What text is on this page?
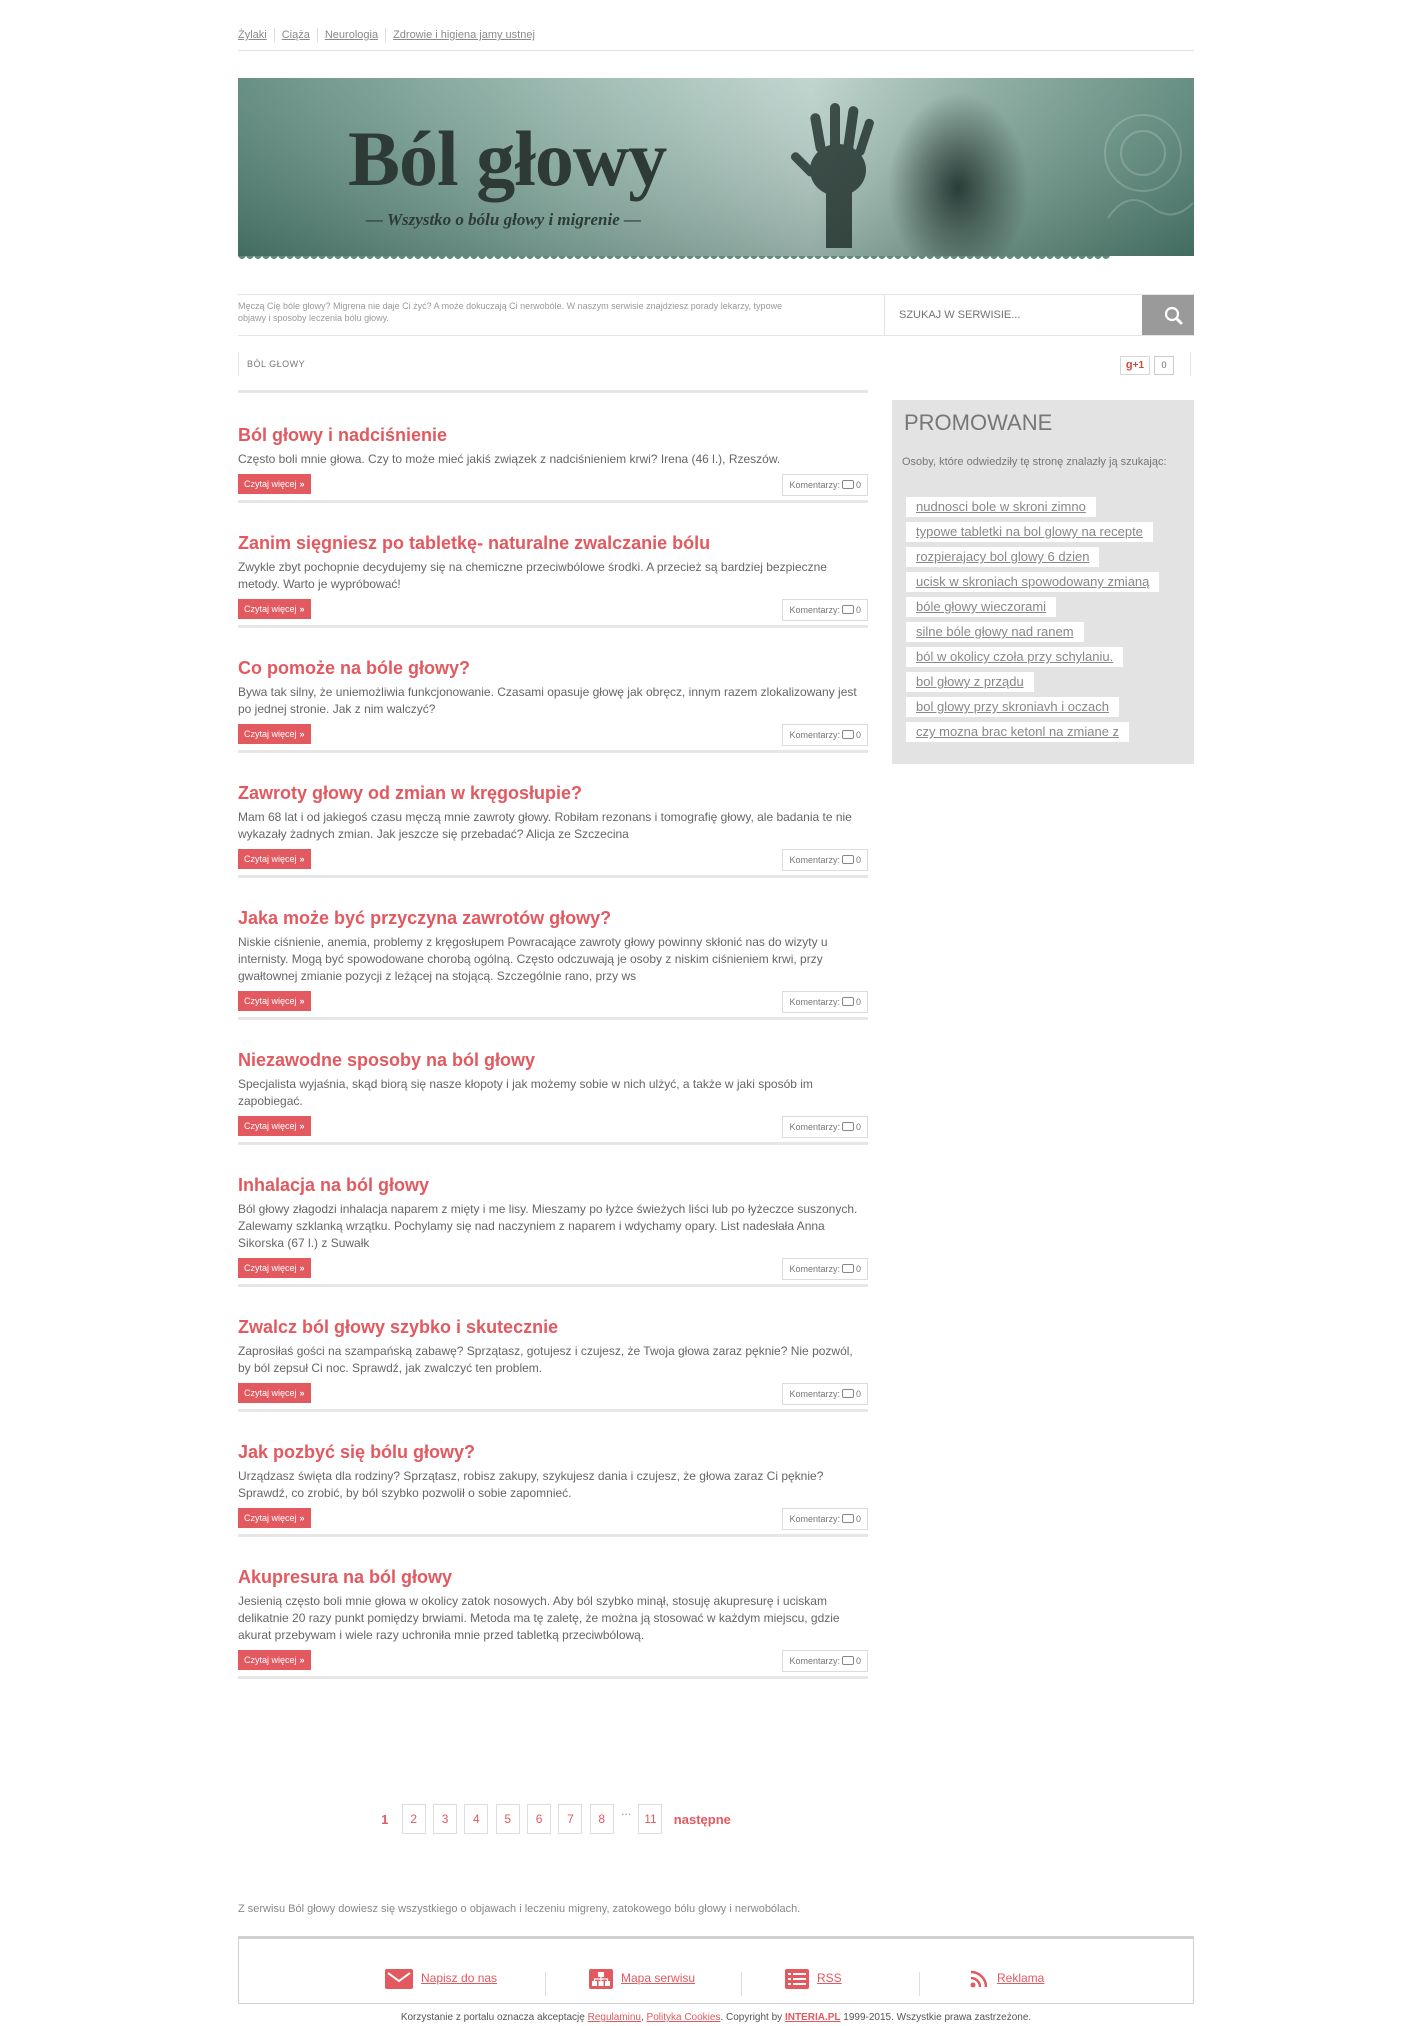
Żylaki	Ciąża	Neurologia	Zdrowie i higiena jamy ustnej
Ból głowy
— Wszystko o bólu głowy i migrenie —
Męczą Cię bóle głowy? Migrena nie daje Ci żyć? A może dokuczają Ci nerwobóle. W naszym serwisie znajdziesz porady lekarzy, typowe objawy i sposoby leczenia bólu głowy.
SZUKAJ W SERWISIE...
BÓL GŁOWY	g+1	0
Ból głowy i nadciśnienie

Często boli mnie głowa. Czy to może mieć jakiś związek z nadciśnieniem krwi? Irena (46 l.), Rzeszów.

Czytaj więcej »	Komentarzy: 0
Zanim sięgniesz po tabletkę- naturalne zwalczanie bólu

Zwykle zbyt pochopnie decydujemy się na chemiczne przeciwbólowe środki. A przecież są bardziej bezpieczne metody. Warto je wypróbować!

Czytaj więcej »	Komentarzy: 0
Co pomoże na bóle głowy?

Bywa tak silny, że uniemożliwia funkcjonowanie. Czasami opasuje głowę jak obręcz, innym razem zlokalizowany jest po jednej stronie. Jak z nim walczyć?

Czytaj więcej »	Komentarzy: 0
Zawroty głowy od zmian w kręgosłupie?

Mam 68 lat i od jakiegoś czasu męczą mnie zawroty głowy. Robiłam rezonans i tomografię głowy, ale badania te nie wykazały żadnych zmian. Jak jeszcze się przebadać? Alicja ze Szczecina

Czytaj więcej »	Komentarzy: 0
Jaka może być przyczyna zawrotów głowy?

Niskie ciśnienie, anemia, problemy z kręgosłupem Powracające zawroty głowy powinny skłonić nas do wizyty u internisty. Mogą być spowodowane chorobą ogólną. Często odczuwają je osoby z niskim ciśnieniem krwi, przy gwałtownej zmianie pozycji z leżącej na stojącą. Szczególnie rano, przy ws

Czytaj więcej »	Komentarzy: 0
Niezawodne sposoby na ból głowy

Specjalista wyjaśnia, skąd biorą się nasze kłopoty i jak możemy sobie w nich ulżyć, a także w jaki sposób im zapobiegać.

Czytaj więcej »	Komentarzy: 0
Inhalacja na ból głowy

Ból głowy złagodzi inhalacja naparem z mięty i me lisy. Mieszamy po łyżce świeżych liści lub po łyżeczce suszonych. Zalewamy szklanką wrzątku. Pochylamy się nad naczyniem z naparem i wdychamy opary. List nadesłała Anna Sikorska (67 l.) z Suwałk

Czytaj więcej »	Komentarzy: 0
Zwalcz ból głowy szybko i skutecznie

Zaprosiłaś gości na szampańską zabawę? Sprzątasz, gotujesz i czujesz, że Twoja głowa zaraz pęknie? Nie pozwól, by ból zepsuł Ci noc. Sprawdź, jak zwalczyć ten problem.

Czytaj więcej »	Komentarzy: 0
Jak pozbyć się bólu głowy?

Urządzasz święta dla rodziny? Sprzątasz, robisz zakupy, szykujesz dania i czujesz, że głowa zaraz Ci pęknie? Sprawdź, co zrobić, by ból szybko pozwolił o sobie zapomnieć.

Czytaj więcej »	Komentarzy: 0
Akupresura na ból głowy

Jesienią często boli mnie głowa w okolicy zatok nosowych. Aby ból szybko minął, stosuję akupresurę i uciskam delikatnie 20 razy punkt pomiędzy brwiami. Metoda ma tę zaletę, że można ją stosować w każdym miejscu, gdzie akurat przebywam i wiele razy uchroniła mnie przed tabletką przeciwbólową.

Czytaj więcej »	Komentarzy: 0
1 2 3 4 5 6 7 8 ... 11 następne
PROMOWANE
Osoby, które odwiedziły tę stronę znalazły ją szukając:
nudnosci bole w skroni zimno
typowe tabletki na bol glowy na recepte
rozpierajacy bol glowy 6 dzien
ucisk w skroniach spowodowany zmianą
bóle głowy wieczorami
silne bóle głowy nad ranem
ból w okolicy czoła przy schylaniu.
bol głowy z prządu
bol glowy przy skroniavh i oczach
czy mozna brac ketonl na zmiane z
Z serwisu Ból głowy dowiesz się wszystkiego o objawach i leczeniu migreny, zatokowego bólu głowy i nerwobólach.
Napisz do nas	Mapa serwisu	RSS	Reklama
Korzystanie z portalu oznacza akceptację Regulaminu, Polityka Cookies. Copyright by INTERIA.PL 1999-2015. Wszystkie prawa zastrzeżone.
